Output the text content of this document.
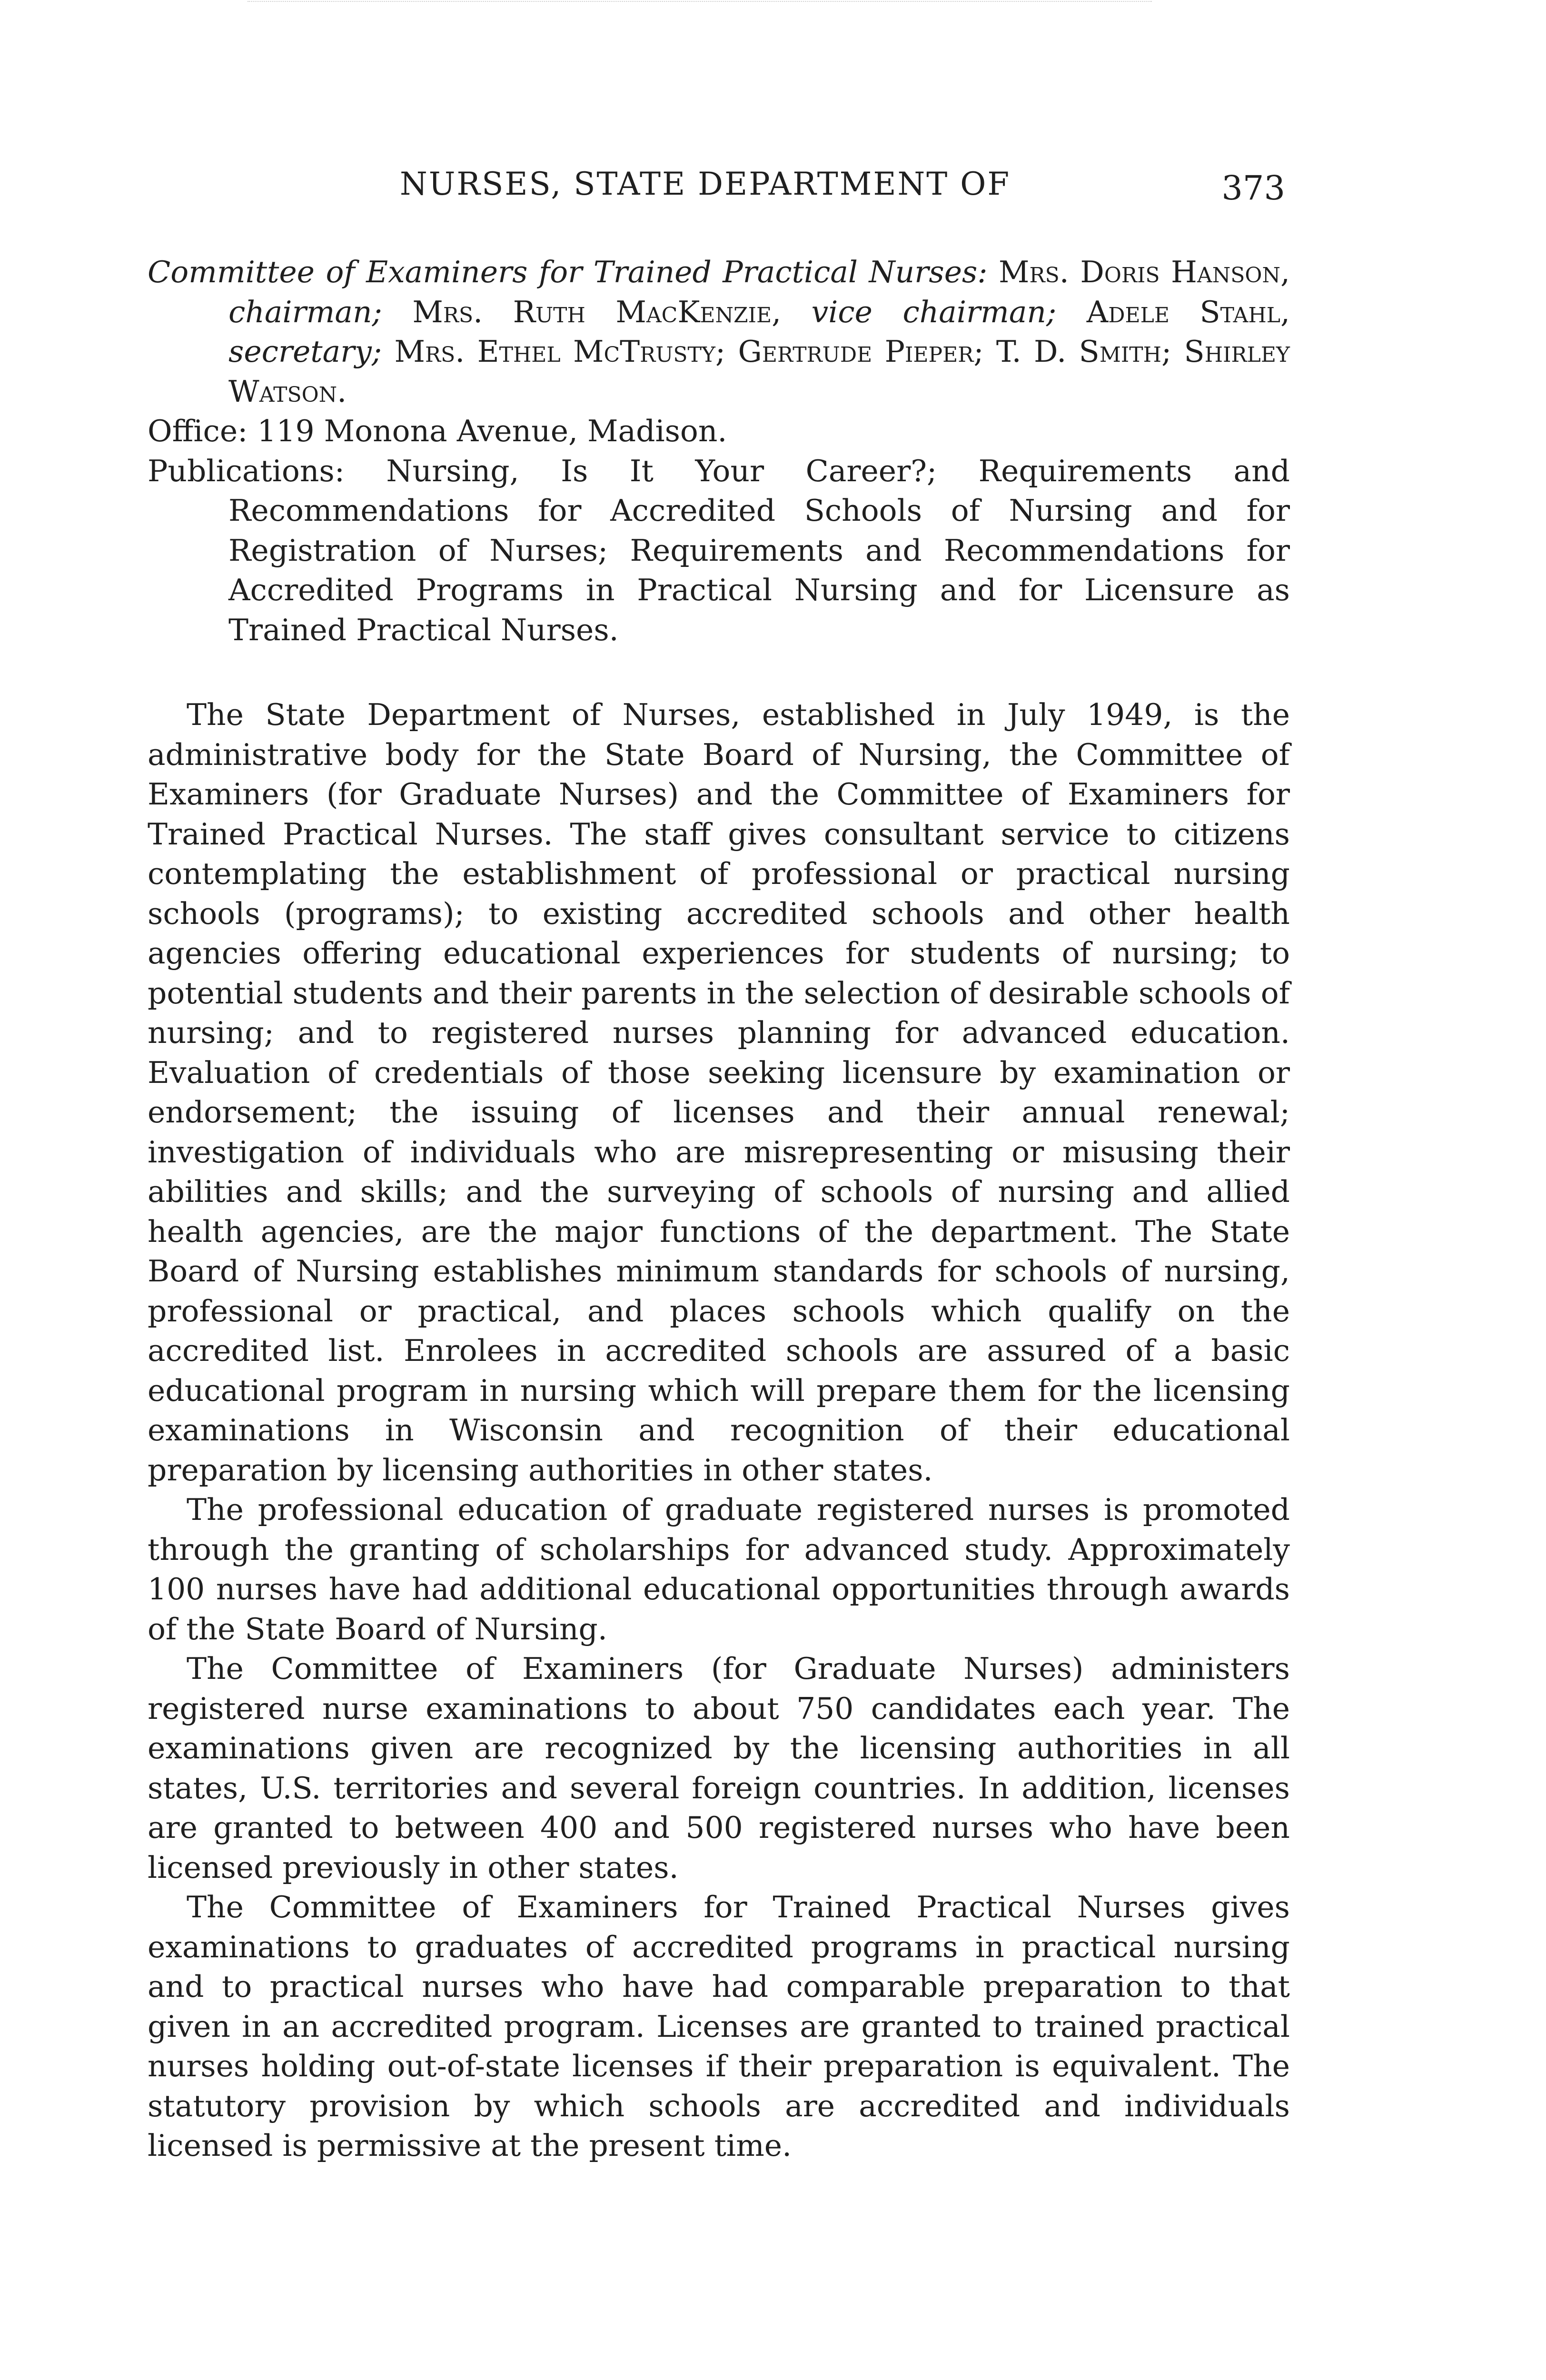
NURSES, STATE DEPARTMENT OF	373

Committee of Examiners for Trained Practical Nurses: Mrs. Doris Hanson, chairman; Mrs. Ruth MacKenzie, vice chairman; Adele Stahl, secretary; Mrs. Ethel McTrusty; Gertrude Pieper; T. D. Smith; Shirley Watson.

Office: 119 Monona Avenue, Madison.

Publications: Nursing, Is It Your Career?; Requirements and Recommendations for Accredited Schools of Nursing and for Registration of Nurses; Requirements and Recommendations for Accredited Programs in Practical Nursing and for Licensure as Trained Practical Nurses.

The State Department of Nurses, established in July 1949, is the administrative body for the State Board of Nursing, the Committee of Examiners (for Graduate Nurses) and the Committee of Examiners for Trained Practical Nurses. The staff gives consultant service to citizens contemplating the establishment of professional or practical nursing schools (programs); to existing accredited schools and other health agencies offering educational experiences for students of nursing; to potential students and their parents in the selection of desirable schools of nursing; and to registered nurses planning for advanced education. Evaluation of credentials of those seeking licensure by examination or endorsement; the issuing of licenses and their annual renewal; investigation of individuals who are misrepresenting or misusing their abilities and skills; and the surveying of schools of nursing and allied health agencies, are the major functions of the department. The State Board of Nursing establishes minimum standards for schools of nursing, professional or practical, and places schools which qualify on the accredited list. Enrolees in accredited schools are assured of a basic educational program in nursing which will prepare them for the licensing examinations in Wisconsin and recognition of their educational preparation by licensing authorities in other states.

The professional education of graduate registered nurses is promoted through the granting of scholarships for advanced study. Approximately 100 nurses have had additional educational opportunities through awards of the State Board of Nursing.

The Committee of Examiners (for Graduate Nurses) administers registered nurse examinations to about 750 candidates each year. The examinations given are recognized by the licensing authorities in all states, U.S. territories and several foreign countries. In addition, licenses are granted to between 400 and 500 registered nurses who have been licensed previously in other states.

The Committee of Examiners for Trained Practical Nurses gives examinations to graduates of accredited programs in practical nursing and to practical nurses who have had comparable preparation to that given in an accredited program. Licenses are granted to trained practical nurses holding out-of-state licenses if their preparation is equivalent. The statutory provision by which schools are accredited and individuals licensed is permissive at the present time.
